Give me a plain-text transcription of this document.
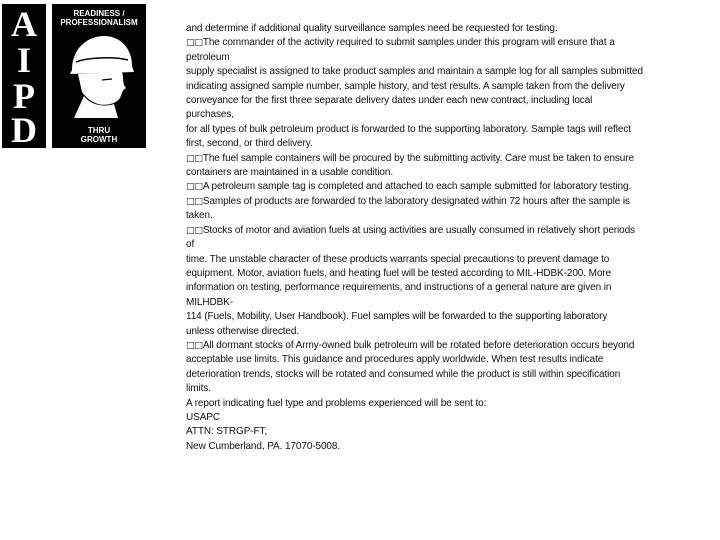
A
I
P
D
READINESS /
PROFESSIONALISM
THRU
GROWTH

and determine if additional quality surveillance samples need be requested for testing.

□□The commander of the activity required to submit samples under this program will ensure that a

petroleum

supply specialist is assigned to take product samples and maintain a sample log for all samples submitted

indicating assigned sample number, sample history, and test results. A sample taken from the delivery

conveyance for the first three separate delivery dates under each new contract, including local

purchases,

for all types of bulk petroleum product is forwarded to the supporting laboratory. Sample tags will reflect

first, second, or third delivery.

□□The fuel sample containers will be procured by the submitting activity. Care must be taken to ensure

containers are maintained in a usable condition.

□□A petroleum sample tag is completed and attached to each sample submitted for laboratory testing.

□□Samples of products are forwarded to the laboratory designated within 72 hours after the sample is

taken.

□□Stocks of motor and aviation fuels at using activities are usually consumed in relatively short periods

of

time. The unstable character of these products warrants special precautions to prevent damage to

equipment. Motor, aviation fuels, and heating fuel will be tested according to MIL-HDBK-200. More

information on testing, performance requirements, and instructions of a general nature are given in

MILHDBK-

114 (Fuels, Mobility, User Handbook). Fuel samples will be forwarded to the supporting laboratory

unless otherwise directed.

□□All dormant stocks of Army-owned bulk petroleum will be rotated before deterioration occurs beyond

acceptable use limits. This guidance and procedures apply worldwide. When test results indicate

deterioration trends, stocks will be rotated and consumed while the product is still within specification

limits.

A report indicating fuel type and problems experienced will be sent to:

USAPC

ATTN: STRGP-FT,

New Cumberland, PA. 17070-5008.
